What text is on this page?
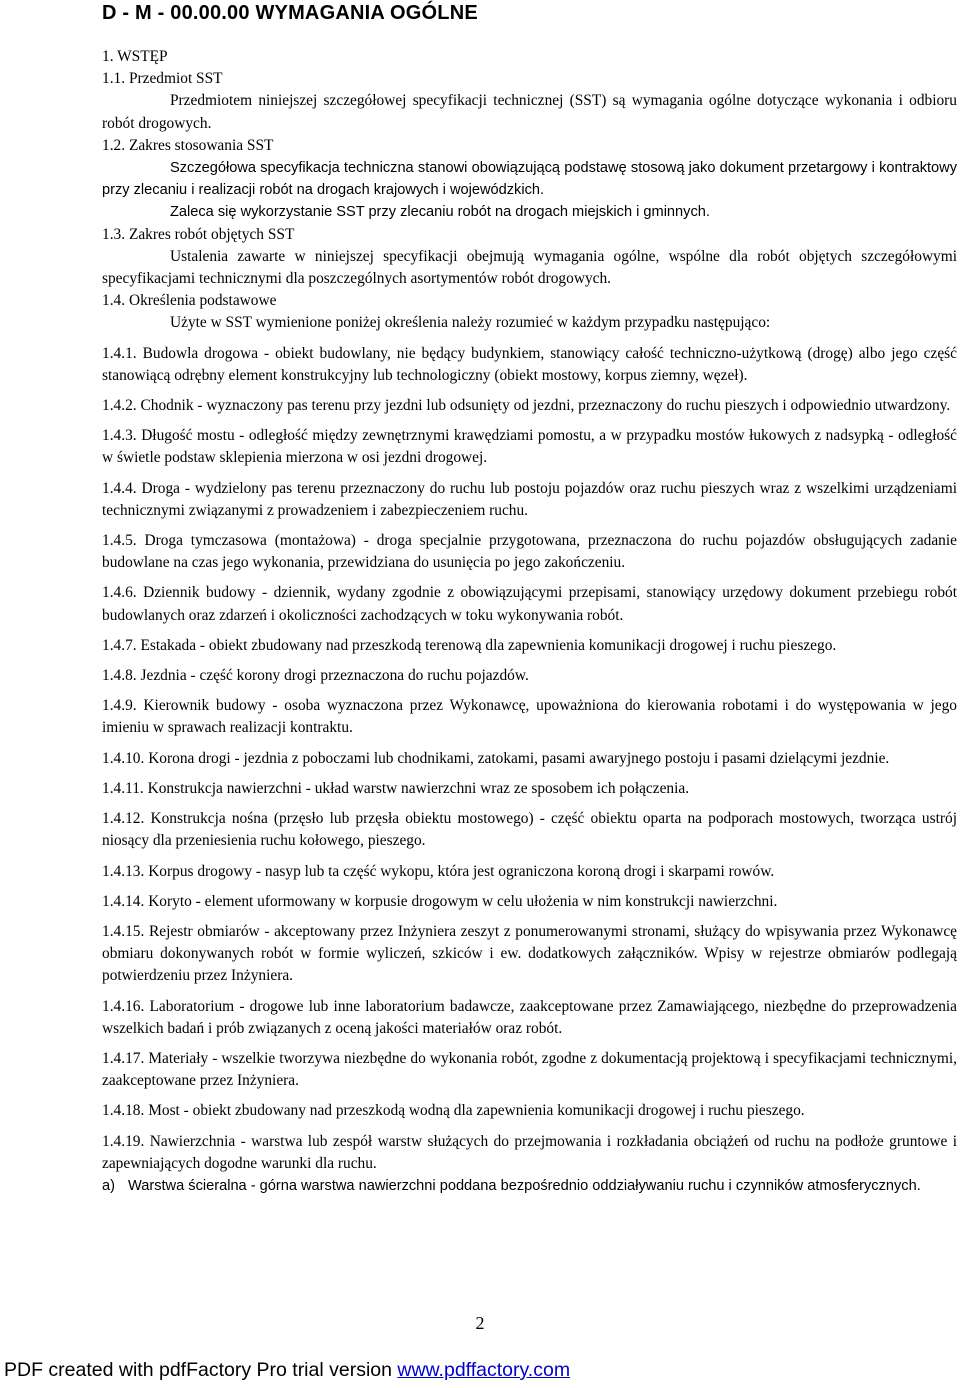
D - M - 00.00.00 WYMAGANIA OGÓLNE

1. WSTĘP

1.1. Przedmiot SST

Przedmiotem niniejszej szczegółowej specyfikacji technicznej (SST) są wymagania ogólne dotyczące wykonania i odbioru robót drogowych.

1.2. Zakres stosowania SST

Szczegółowa specyfikacja techniczna stanowi obowiązującą podstawę stosową jako dokument przetargowy i kontraktowy przy zlecaniu i realizacji robót na drogach krajowych i wojewódzkich.

Zaleca się wykorzystanie SST przy zlecaniu robót na drogach miejskich i gminnych.

1.3. Zakres robót objętych SST

Ustalenia zawarte w niniejszej specyfikacji obejmują wymagania ogólne, wspólne dla robót objętych szczegółowymi specyfikacjami technicznymi dla poszczególnych asortymentów robót drogowych.

1.4. Określenia podstawowe

Użyte w SST wymienione poniżej określenia należy rozumieć w każdym przypadku następująco:

1.4.1. Budowla drogowa - obiekt budowlany, nie będący budynkiem, stanowiący całość techniczno-użytkową (drogę) albo jego część stanowiącą odrębny element konstrukcyjny lub technologiczny (obiekt mostowy, korpus ziemny, węzeł).

1.4.2. Chodnik - wyznaczony pas terenu przy jezdni lub odsunięty od jezdni, przeznaczony do ruchu pieszych i odpowiednio utwardzony.

1.4.3. Długość mostu - odległość między zewnętrznymi krawędziami pomostu, a w przypadku mostów łukowych z nadsypką - odległość w świetle podstaw sklepienia mierzona w osi jezdni drogowej.

1.4.4. Droga - wydzielony pas terenu przeznaczony do ruchu lub postoju pojazdów oraz ruchu pieszych wraz z wszelkimi urządzeniami technicznymi związanymi z prowadzeniem i zabezpieczeniem ruchu.

1.4.5. Droga tymczasowa (montażowa) - droga specjalnie przygotowana, przeznaczona do ruchu pojazdów obsługujących zadanie budowlane na czas jego wykonania, przewidziana do usunięcia po jego zakończeniu.

1.4.6. Dziennik budowy - dziennik, wydany zgodnie z obowiązującymi przepisami, stanowiący urzędowy dokument przebiegu robót budowlanych oraz zdarzeń i okoliczności zachodzących w toku wykonywania robót.

1.4.7. Estakada - obiekt zbudowany nad przeszkodą terenową dla zapewnienia komunikacji drogowej i ruchu pieszego.

1.4.8. Jezdnia - część korony drogi przeznaczona do ruchu pojazdów.

1.4.9. Kierownik budowy - osoba wyznaczona przez Wykonawcę, upoważniona do kierowania robotami i do występowania w jego imieniu w sprawach realizacji kontraktu.

1.4.10. Korona drogi - jezdnia z poboczami lub chodnikami, zatokami, pasami awaryjnego postoju i pasami dzielącymi jezdnie.

1.4.11. Konstrukcja nawierzchni - układ warstw nawierzchni wraz ze sposobem ich połączenia.

1.4.12. Konstrukcja nośna (przęsło lub przęsła obiektu mostowego) - część obiektu oparta na podporach mostowych, tworząca ustrój niosący dla przeniesienia ruchu kołowego, pieszego.

1.4.13. Korpus drogowy - nasyp lub ta część wykopu, która jest ograniczona koroną drogi i skarpami rowów.

1.4.14. Koryto - element uformowany w korpusie drogowym w celu ułożenia w nim konstrukcji nawierzchni.

1.4.15. Rejestr obmiarów - akceptowany przez Inżyniera zeszyt z ponumerowanymi stronami, służący do wpisywania przez Wykonawcę obmiaru dokonywanych robót w formie wyliczeń, szkiców i ew. dodatkowych załączników. Wpisy w rejestrze obmiarów podlegają potwierdzeniu przez Inżyniera.

1.4.16. Laboratorium - drogowe lub inne laboratorium badawcze, zaakceptowane przez Zamawiającego, niezbędne do przeprowadzenia wszelkich badań i prób związanych z oceną jakości materiałów oraz robót.

1.4.17. Materiały - wszelkie tworzywa niezbędne do wykonania robót, zgodne z dokumentacją projektową i specyfikacjami technicznymi, zaakceptowane przez Inżyniera.

1.4.18. Most - obiekt zbudowany nad przeszkodą wodną dla zapewnienia komunikacji drogowej i ruchu pieszego.

1.4.19. Nawierzchnia - warstwa lub zespół warstw służących do przejmowania i rozkładania obciążeń od ruchu na podłoże gruntowe i zapewniających dogodne warunki dla ruchu.

a) Warstwa ścieralna - górna warstwa nawierzchni poddana bezpośrednio oddziaływaniu ruchu i czynników atmosferycznych.
2
PDF created with pdfFactory Pro trial version www.pdffactory.com
